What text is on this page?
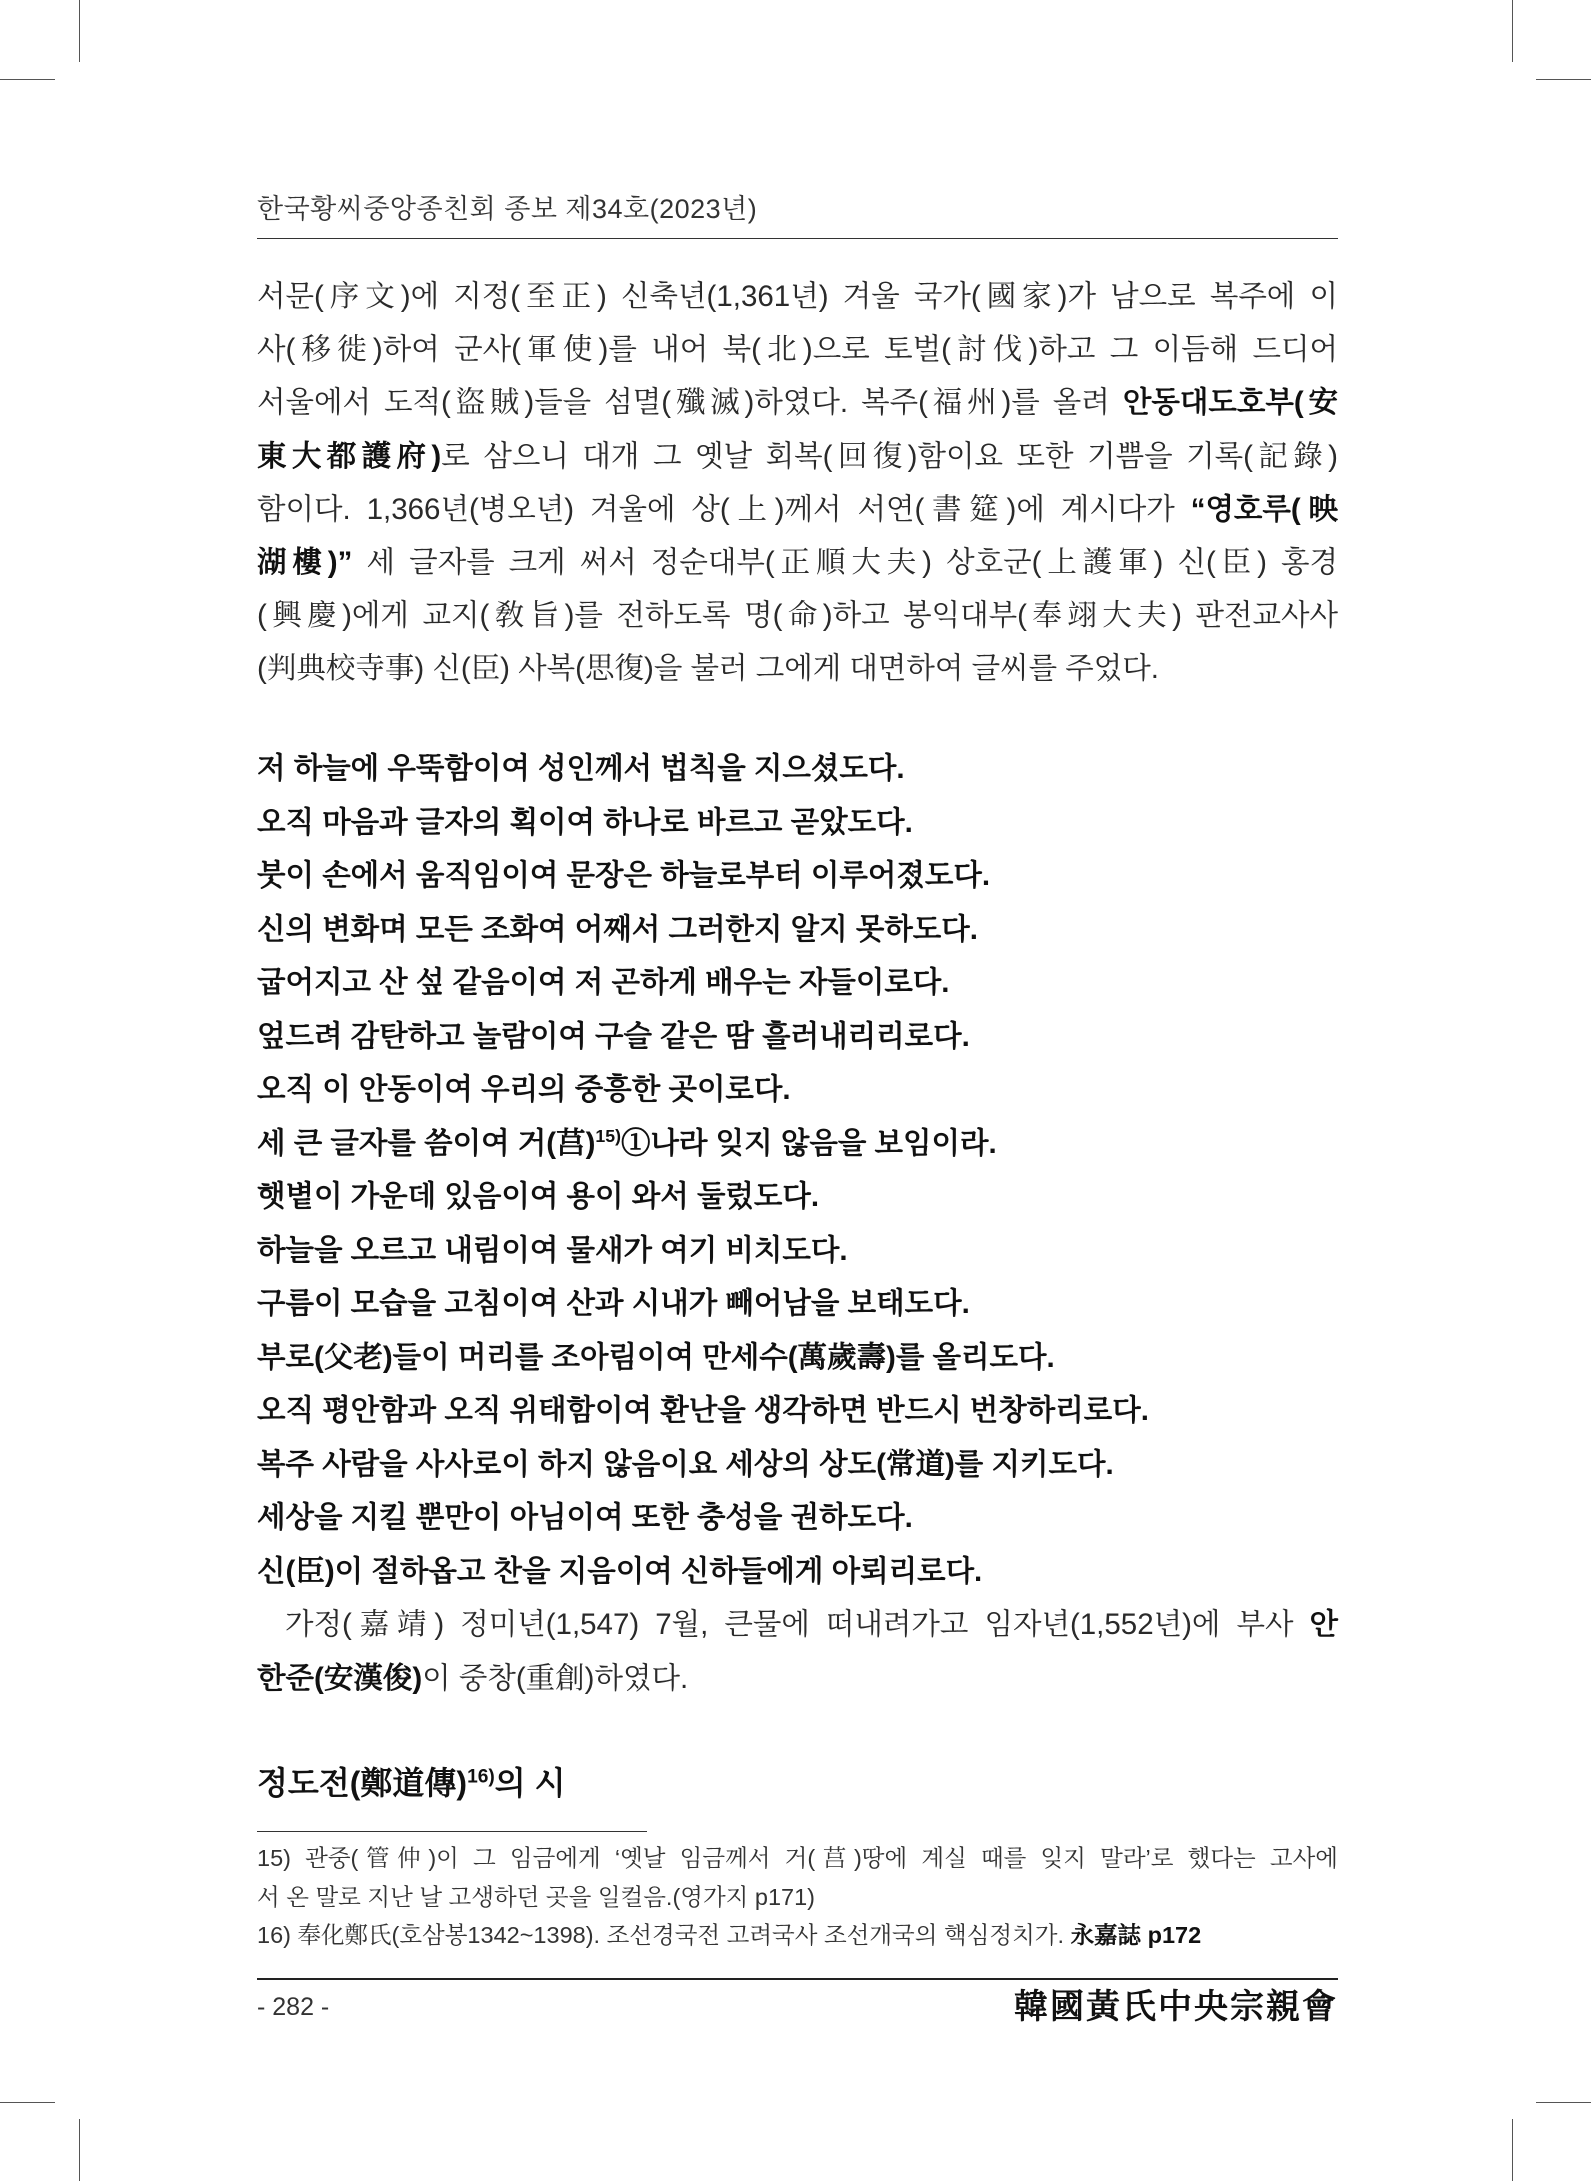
한국황씨중앙종친회 종보 제34호(2023년)
서문(序文)에 지정(至正) 신축년(1,361년) 겨울 국가(國家)가 남으로 복주에 이
사(移徙)하여 군사(軍使)를 내어 북(北)으로 토벌(討伐)하고 그 이듬해 드디어
서울에서 도적(盜賊)들을 섬멸(殲滅)하였다. 복주(福州)를 올려 안동대도호부(安
東大都護府)로 삼으니 대개 그 옛날 회복(回復)함이요 또한 기쁨을 기록(記錄)
함이다. 1,366년(병오년) 겨울에 상(上)께서 서연(書筵)에 계시다가 “영호루(映
湖樓)” 세 글자를 크게 써서 정순대부(正順大夫) 상호군(上護軍) 신(臣) 홍경
(興慶)에게 교지(敎旨)를 전하도록 명(命)하고 봉익대부(奉翊大夫) 판전교사사
(判典校寺事) 신(臣) 사복(思復)을 불러 그에게 대면하여 글씨를 주었다.
저 하늘에 우뚝함이여 성인께서 법칙을 지으셨도다.
오직 마음과 글자의 획이여 하나로 바르고 곧았도다.
붓이 손에서 움직임이여 문장은 하늘로부터 이루어졌도다.
신의 변화며 모든 조화여 어째서 그러한지 알지 못하도다.
굽어지고 산 섶 같음이여 저 곤하게 배우는 자들이로다.
엎드려 감탄하고 놀람이여 구슬 같은 땀 흘러내리리로다.
오직 이 안동이여 우리의 중흥한 곳이로다.
세 큰 글자를 씀이여 거(莒)$^{15)}$①나라 잊지 않음을 보임이라.
햇볕이 가운데 있음이여 용이 와서 둘렀도다.
하늘을 오르고 내림이여 물새가 여기 비치도다.
구름이 모습을 고침이여 산과 시내가 빼어남을 보태도다.
부로(父老)들이 머리를 조아림이여 만세수(萬歲壽)를 올리도다.
오직 평안함과 오직 위태함이여 환난을 생각하면 반드시 번창하리로다.
복주 사람을 사사로이 하지 않음이요 세상의 상도(常道)를 지키도다.
세상을 지킬 뿐만이 아님이여 또한 충성을 권하도다.
신(臣)이 절하옵고 찬을 지음이여 신하들에게 아뢰리로다.
가정(嘉靖) 정미년(1,547) 7월, 큰물에 떠내려가고 임자년(1,552년)에 부사 안
한준(安漢俊)이 중창(重創)하였다.
정도전(鄭道傳)$^{16)}$의 시
15) 관중(管仲)이 그 임금에게 ‘옛날 임금께서 거(莒)땅에 계실 때를 잊지 말라’로 했다는 고사에
서 온 말로 지난 날 고생하던 곳을 일컬음.(영가지 p171)
16) 奉化鄭氏(호삼봉1342~1398). 조선경국전 고려국사 조선개국의 핵심정치가. 永嘉誌 p172
- 282 -	韓國黃氏中央宗親會
